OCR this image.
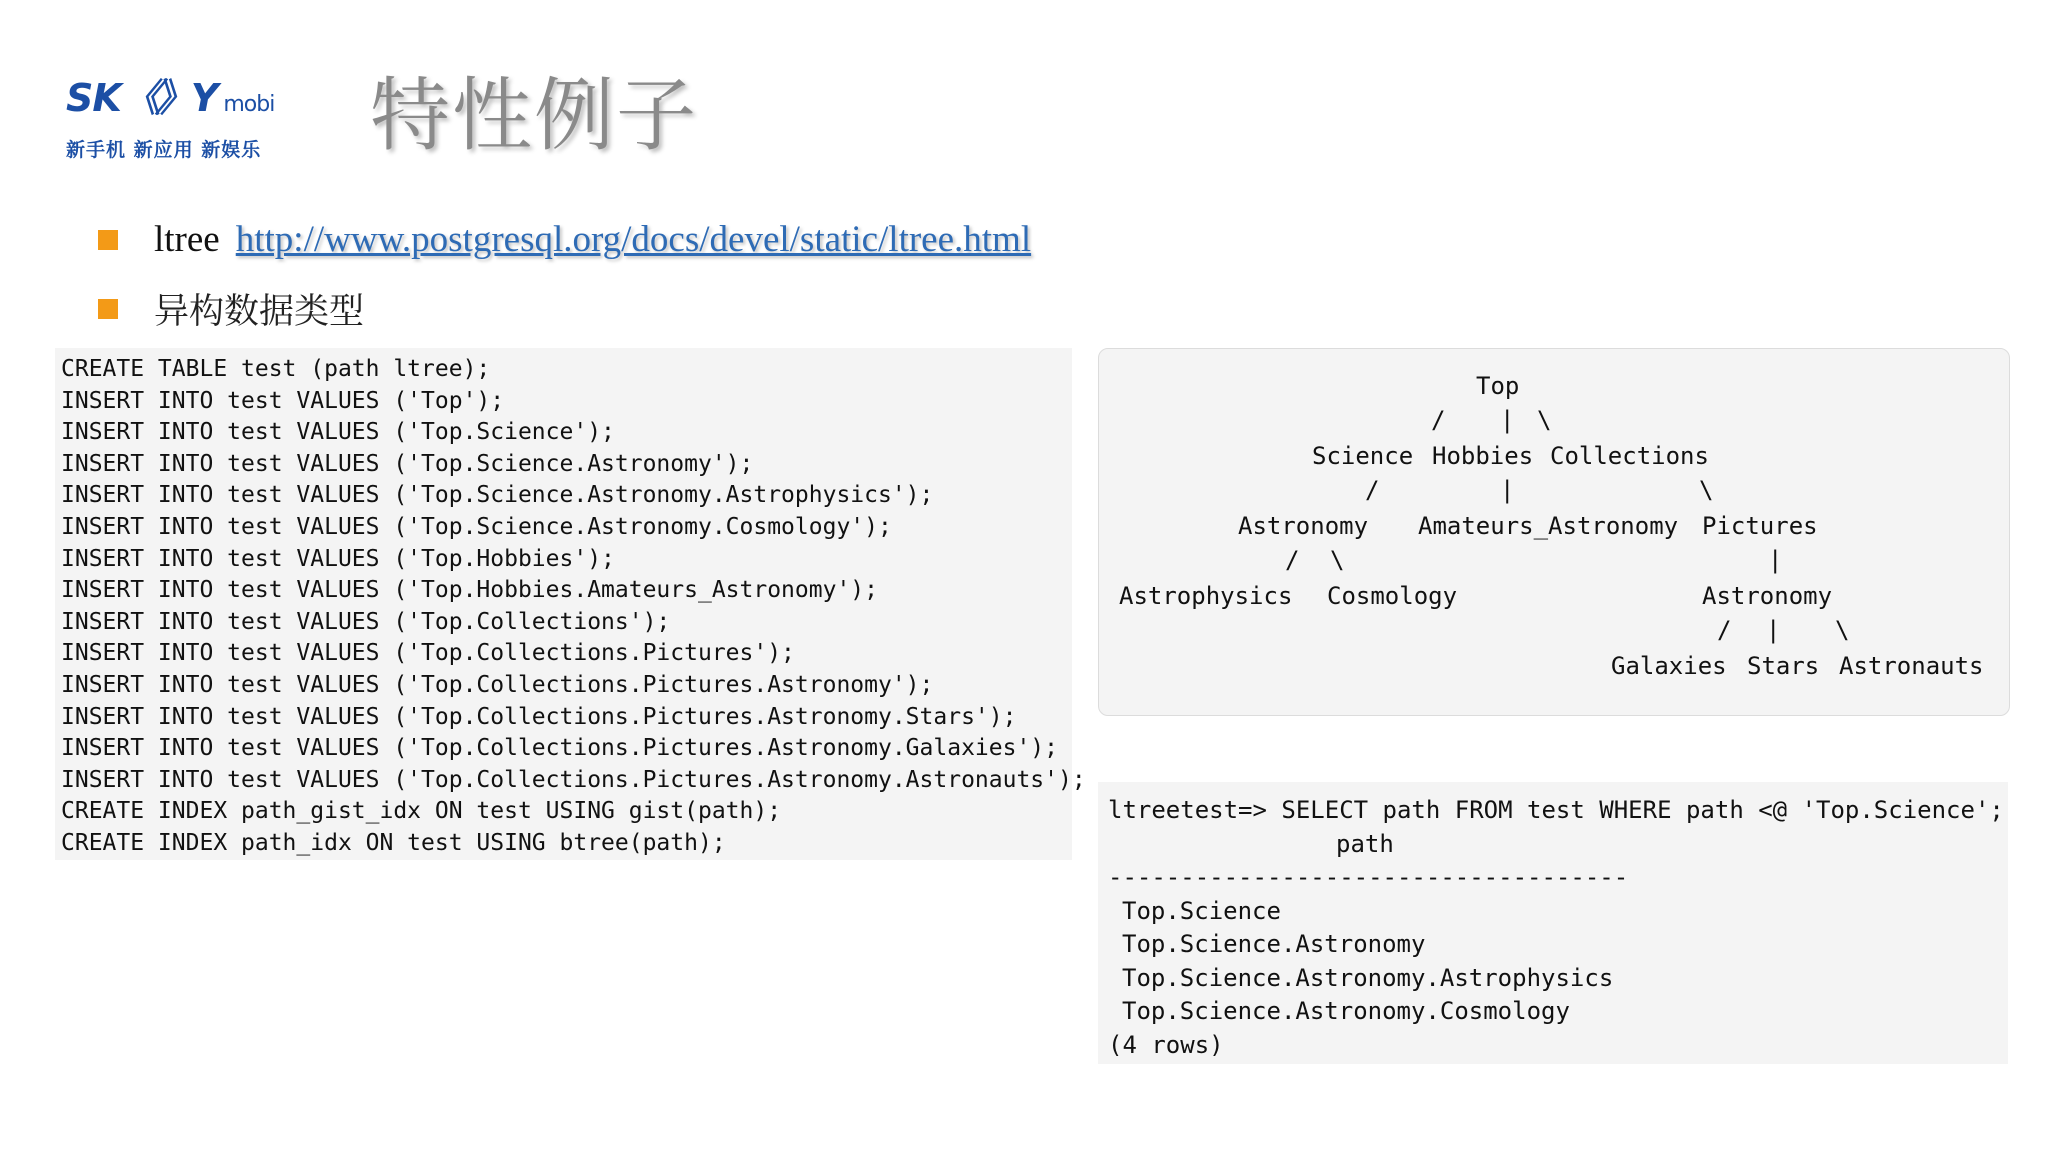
SK 《》 Y mobi
新手机 新应用 新娱乐	特性例子
ltree http://www.postgresql.org/docs/devel/static/ltree.html
异构数据类型
CREATE TABLE test (path ltree);
INSERT INTO test VALUES ('Top');
INSERT INTO test VALUES ('Top.Science');
INSERT INTO test VALUES ('Top.Science.Astronomy');
INSERT INTO test VALUES ('Top.Science.Astronomy.Astrophysics');
INSERT INTO test VALUES ('Top.Science.Astronomy.Cosmology');
INSERT INTO test VALUES ('Top.Hobbies');
INSERT INTO test VALUES ('Top.Hobbies.Amateurs_Astronomy');
INSERT INTO test VALUES ('Top.Collections');
INSERT INTO test VALUES ('Top.Collections.Pictures');
INSERT INTO test VALUES ('Top.Collections.Pictures.Astronomy');
INSERT INTO test VALUES ('Top.Collections.Pictures.Astronomy.Stars');
INSERT INTO test VALUES ('Top.Collections.Pictures.Astronomy.Galaxies');
INSERT INTO test VALUES ('Top.Collections.Pictures.Astronomy.Astronauts');
CREATE INDEX path_gist_idx ON test USING gist(path);
CREATE INDEX path_idx ON test USING btree(path);
Top
/ | \
Science Hobbies Collections
/	|	\
Astronomy Amateurs_Astronomy Pictures
/ \	|
Astrophysics Cosmology	Astronomy
/ | \
Galaxies Stars Astronauts
ltreetest=> SELECT path FROM test WHERE path <@ 'Top.Science';
path
------------------------------------
Top.Science
Top.Science.Astronomy
Top.Science.Astronomy.Astrophysics
Top.Science.Astronomy.Cosmology
(4 rows)
